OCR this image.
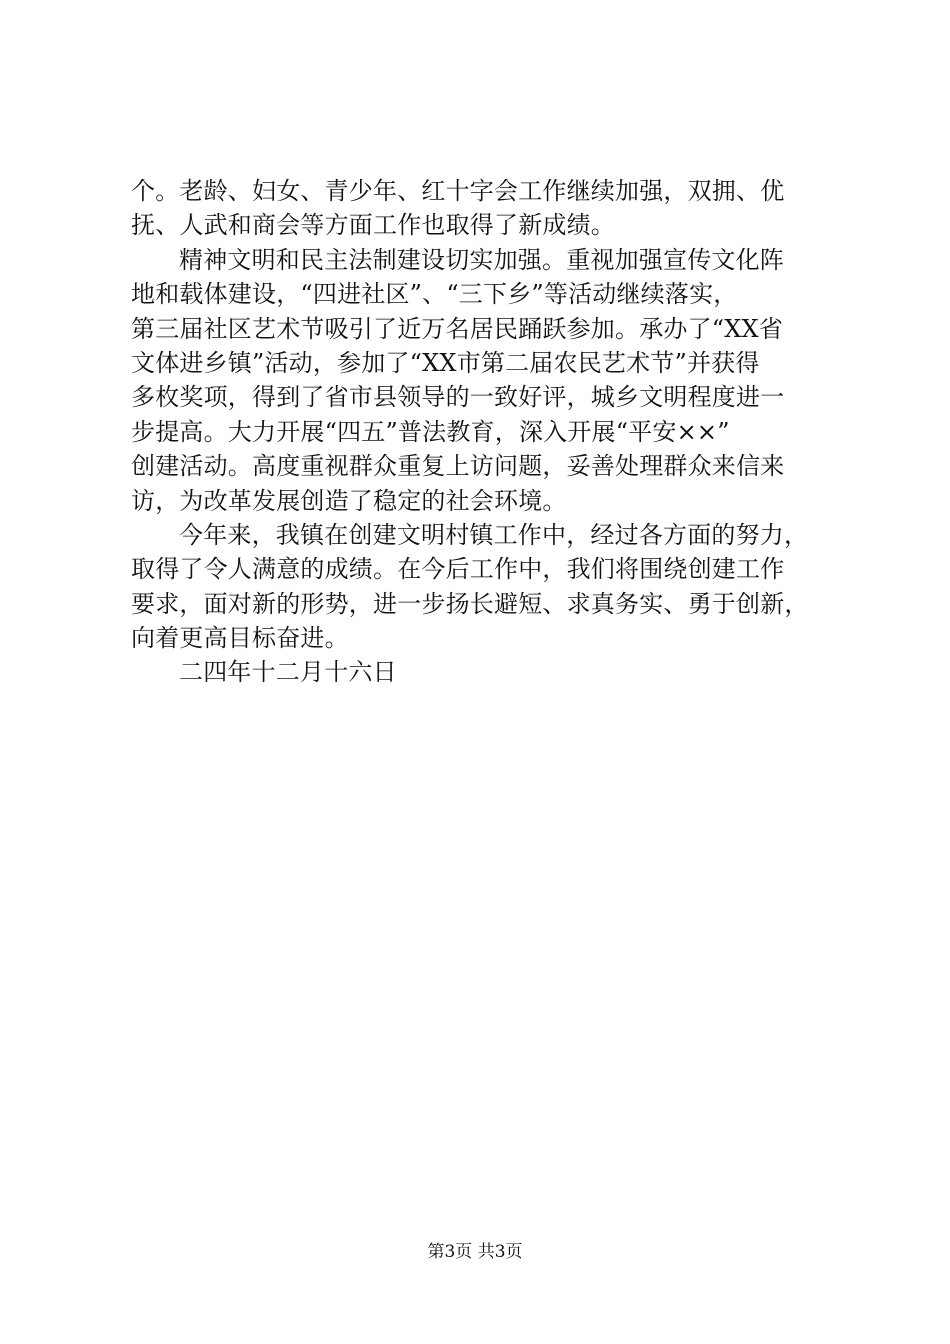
个。老龄、妇女、青少年、红十字会工作继续加强，双拥、优
抚、人武和商会等方面工作也取得了新成绩。
精神文明和民主法制建设切实加强。重视加强宣传文化阵
地和载体建设，“四进社区”、“三下乡”等活动继续落实，
第三届社区艺术节吸引了近万名居民踊跃参加。承办了“XX省
文体进乡镇”活动，参加了“XX市第二届农民艺术节”并获得
多枚奖项，得到了省市县领导的一致好评，城乡文明程度进一
步提高。大力开展“四五”普法教育，深入开展“平安××”
创建活动。高度重视群众重复上访问题，妥善处理群众来信来
访，为改革发展创造了稳定的社会环境。
今年来，我镇在创建文明村镇工作中，经过各方面的努力，
取得了令人满意的成绩。在今后工作中，我们将围绕创建工作
要求，面对新的形势，进一步扬长避短、求真务实、勇于创新，
向着更高目标奋进。
二四年十二月十六日
第3页 共3页
